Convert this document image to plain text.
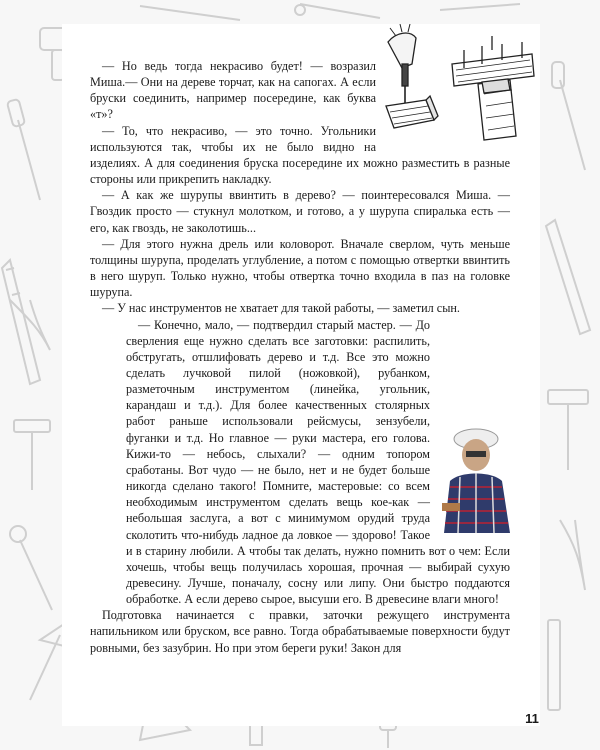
— Но ведь тогда некрасиво будет! — возразил Миша.— Они на дереве торчат, как на сапогах. А если бруски соединить, например посередине, как буква «т»?

— То, что некрасиво, — это точно. Угольники используются так, чтобы их не было видно на изделиях. А для соединения бруска посередине их можно разместить в разные стороны или прикрепить накладку.

— А как же шурупы ввинтить в дерево? — поинтересовался Миша. — Гвоздик просто — стукнул молотком, и готово, а у шурупа спиралька есть — его, как гвоздь, не заколотишь...

— Для этого нужна дрель или коловорот. Вначале сверлом, чуть меньше толщины шурупа, проделать углубление, а потом с помощью отвертки ввинтить в него шуруп. Только нужно, чтобы отвертка точно входила в паз на головке шурупа.

— У нас инструментов не хватает для такой работы, — заметил сын.

— Конечно, мало, — подтвердил старый мастер. — До сверления еще нужно сделать все заготовки: распилить, обстругать, отшлифовать дерево и т.д. Все это можно сделать лучковой пилой (ножовкой), рубанком, разметочным инструментом (линейка, угольник, карандаш и т.д.). Для более качественных столярных работ раньше использовали рейсмусы, зензубели, фуганки и т.д. Но главное — руки мастера, его голова. Кижи-то — небось, слыхали? — одним топором сработаны. Вот чудо — не было, нет и не будет больше никогда сделано такого! Помните, мастеровые: со всем необходимым инструментом сделать вещь кое-как — небольшая заслуга, а вот с минимумом орудий труда сколотить что-нибудь ладное да ловкое — здорово! Такое и в старину любили. А чтобы так делать, нужно помнить вот о чем: Если хочешь, чтобы вещь получилась хорошая, прочная — выбирай сухую древесину. Лучше, поначалу, сосну или липу. Они быстро поддаются обработке. А если дерево сырое, высуши его. В древесине влаги много!

Подготовка начинается с правки, заточки режущего инструмента напильником или бруском, все равно. Тогда обрабатываемые поверхности будут ровными, без зазубрин. Но при этом береги руки! Закон для

11
